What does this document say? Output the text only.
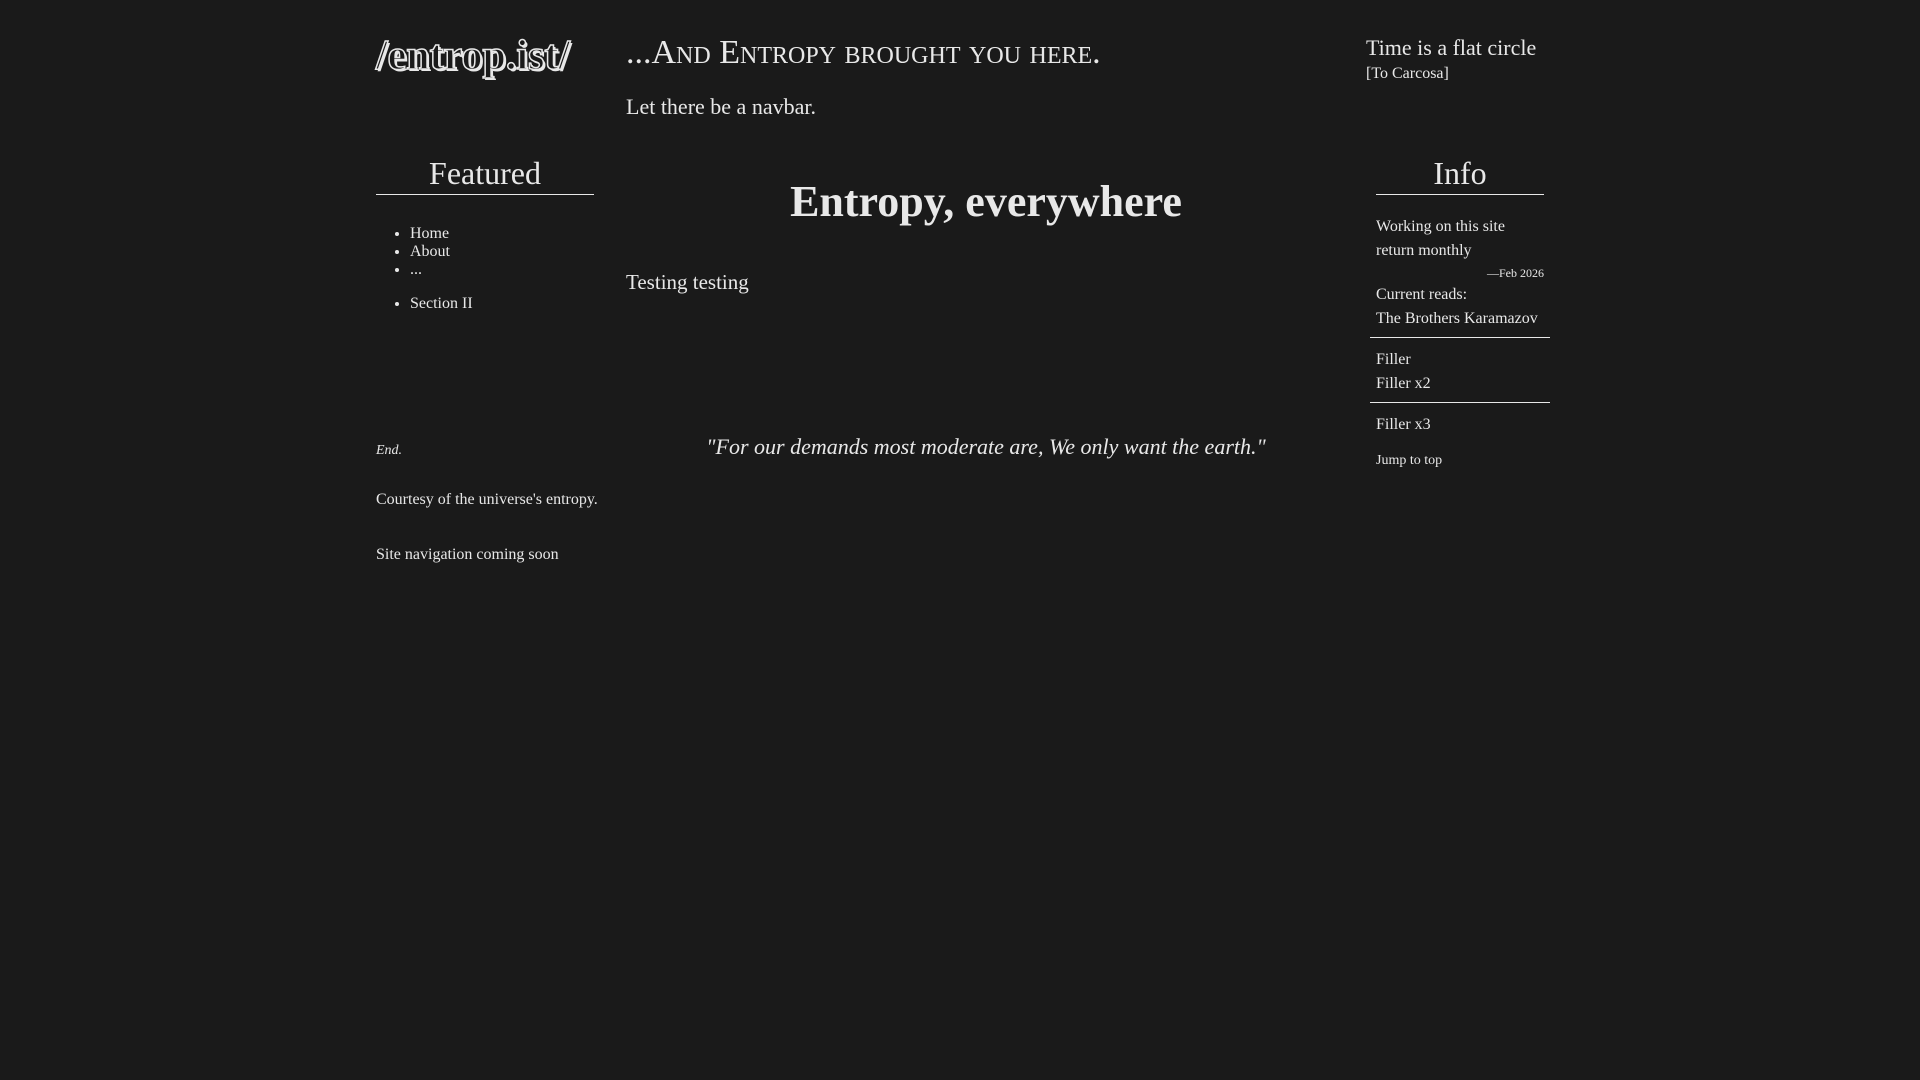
/entrop.ist/ ...And Entropy brought you here.
Let there be a navbar.
Time is a flat circle
[To Carcosa]
Featured
• Home
• About
• ...
• Section II
End.
Courtesy of the universe's entropy.
Site navigation coming soon
Entropy, everywhere
Testing testing
"For our demands most moderate are, We only want the earth."
Info
Working on this site
return monthly
—Feb 2026
Current reads:
The Brothers Karamazov
Filler
Filler x2
Filler x3
Jump to top
